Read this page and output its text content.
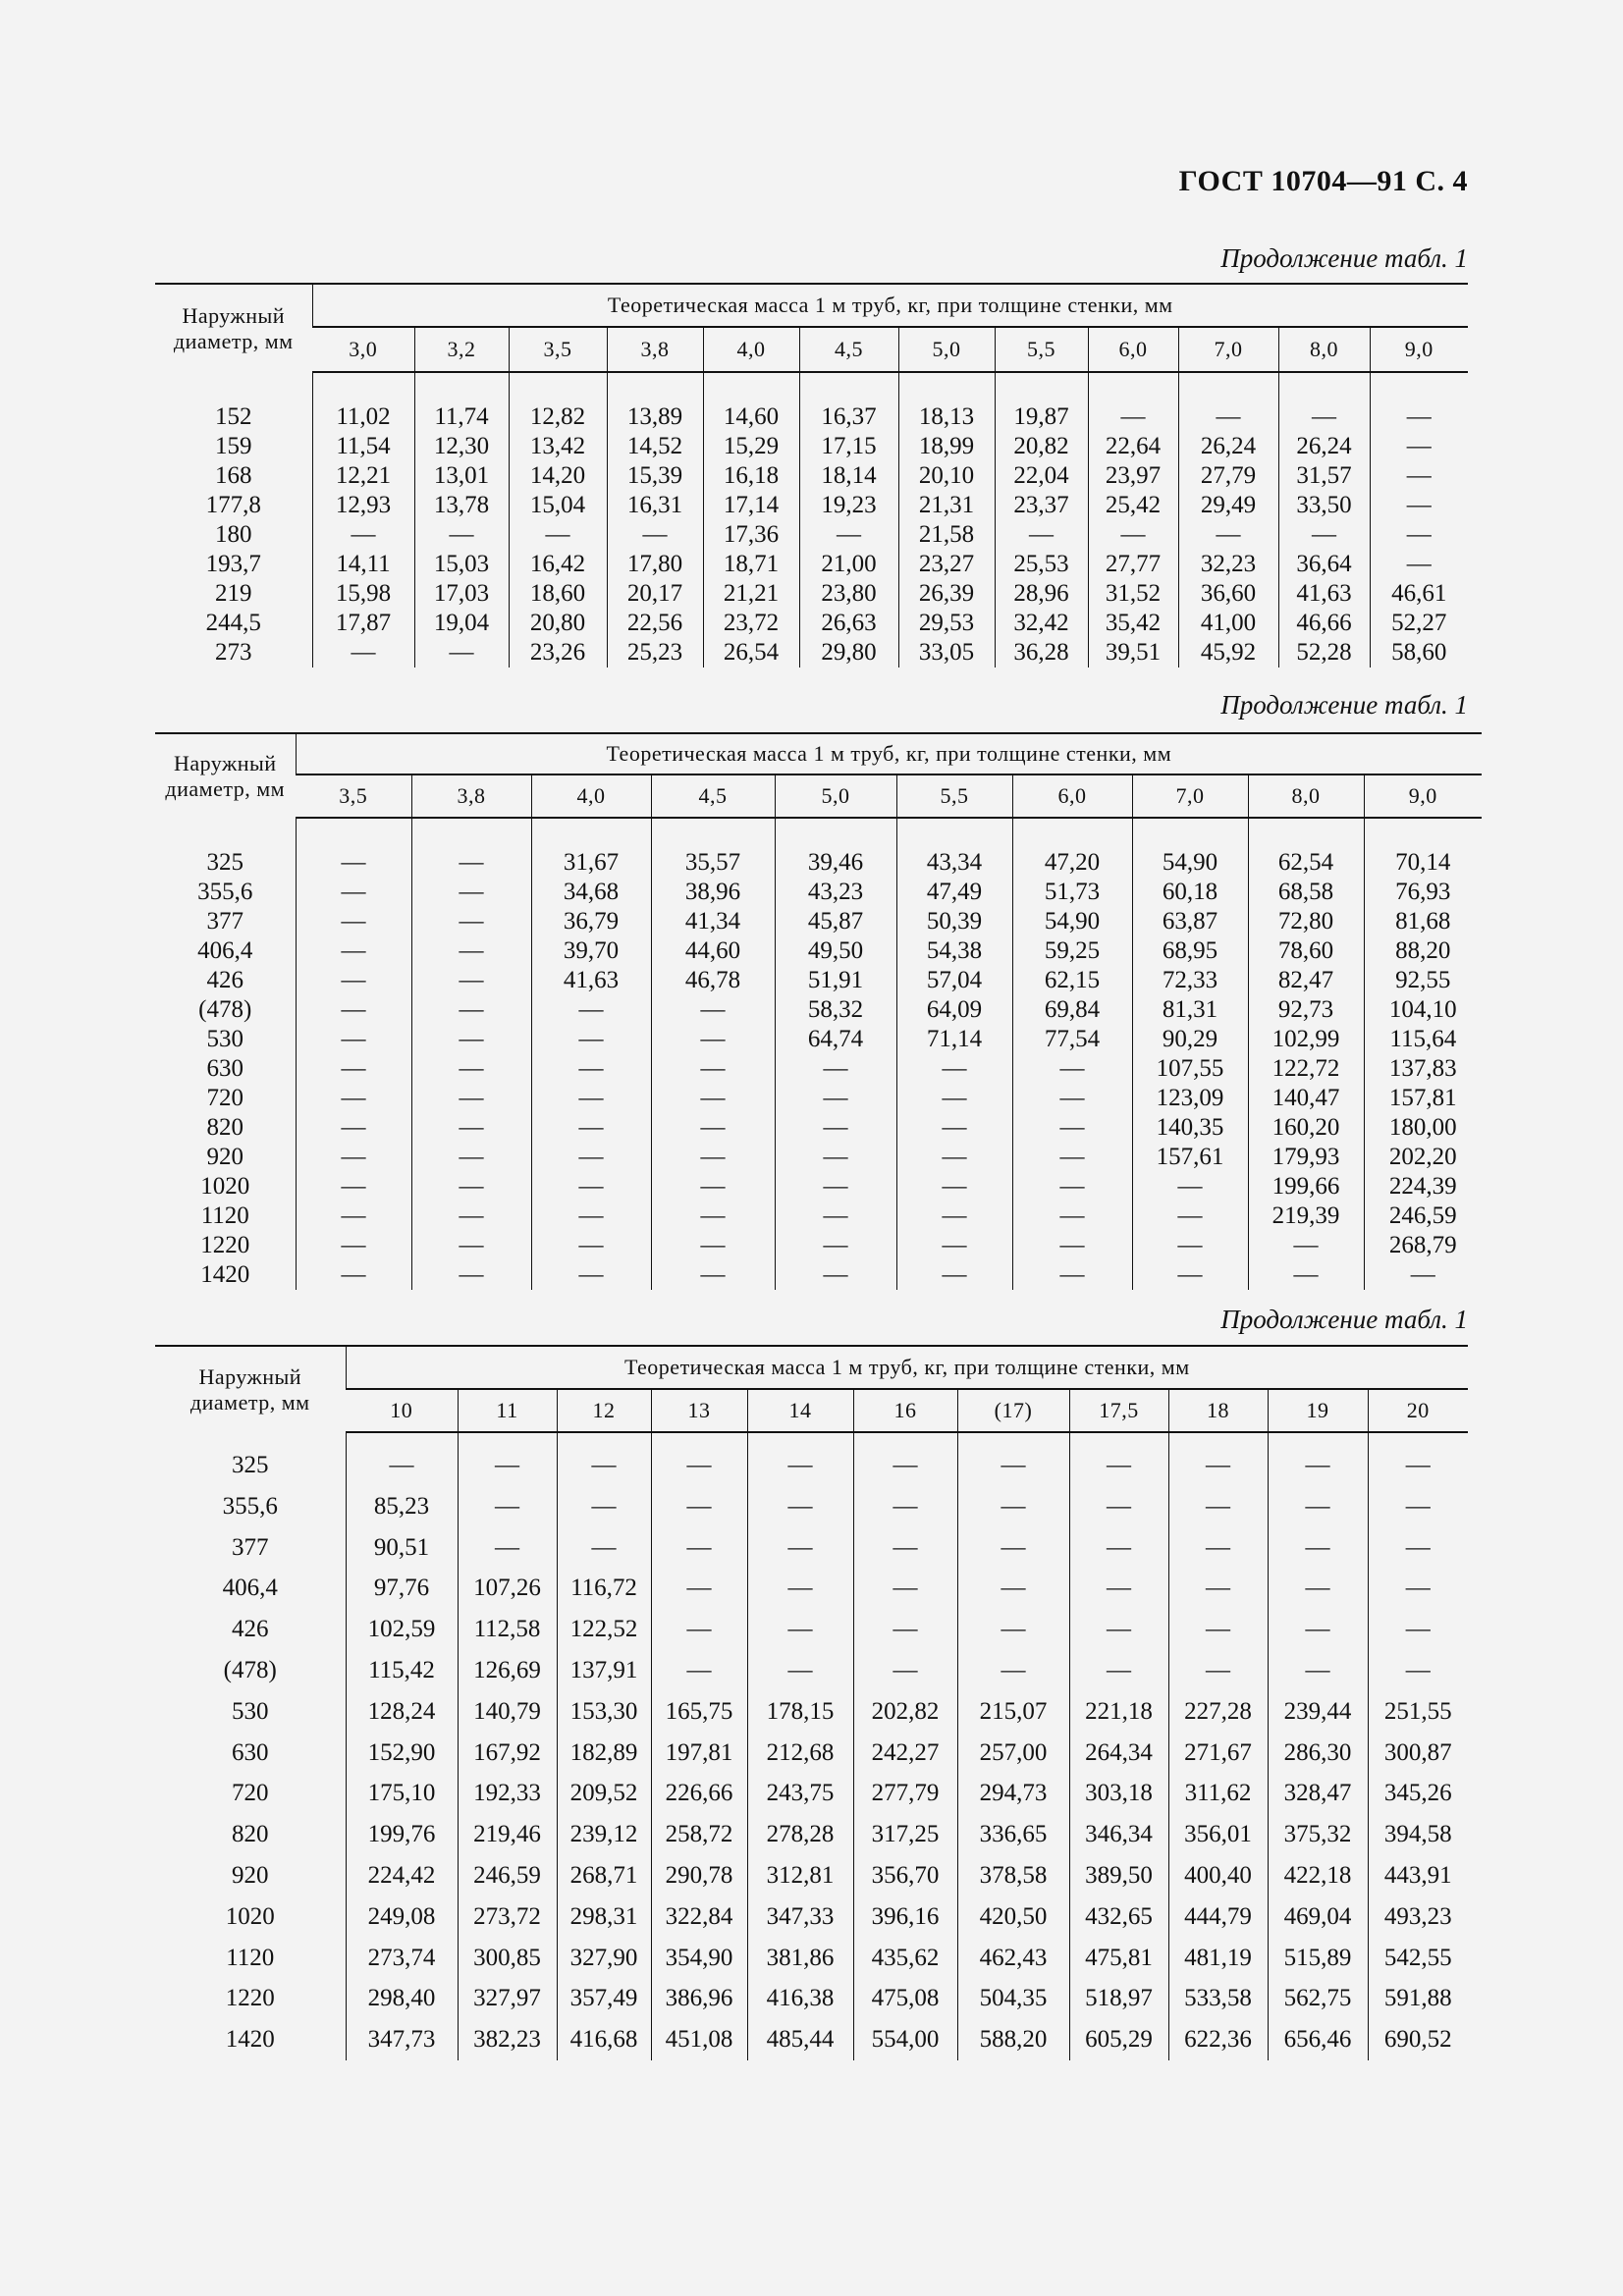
ГОСТ 10704—91 С. 4
Продолжение табл. 1
Наружный диаметр, мм	Теоретическая масса 1 м труб, кг, при толщине стенки, мм											
	3,0	3,2	3,5	3,8	4,0	4,5	5,0	5,5	6,0	7,0	8,0	9,0

152	11,02	11,74	12,82	13,89	14,60	16,37	18,13	19,87	—	—	—	—
159	11,54	12,30	13,42	14,52	15,29	17,15	18,99	20,82	22,64	26,24	26,24	—
168	12,21	13,01	14,20	15,39	16,18	18,14	20,10	22,04	23,97	27,79	31,57	—
177,8	12,93	13,78	15,04	16,31	17,14	19,23	21,31	23,37	25,42	29,49	33,50	—
180	—	—	—	—	17,36	—	21,58	—	—	—	—	—
193,7	14,11	15,03	16,42	17,80	18,71	21,00	23,27	25,53	27,77	32,23	36,64	—
219	15,98	17,03	18,60	20,17	21,21	23,80	26,39	28,96	31,52	36,60	41,63	46,61
244,5	17,87	19,04	20,80	22,56	23,72	26,63	29,53	32,42	35,42	41,00	46,66	52,27
273	—	—	23,26	25,23	26,54	29,80	33,05	36,28	39,51	45,92	52,28	58,60
Продолжение табл. 1
Наружный диаметр, мм	Теоретическая масса 1 м труб, кг, при толщине стенки, мм									
	3,5	3,8	4,0	4,5	5,0	5,5	6,0	7,0	8,0	9,0

325	—	—	31,67	35,57	39,46	43,34	47,20	54,90	62,54	70,14
355,6	—	—	34,68	38,96	43,23	47,49	51,73	60,18	68,58	76,93
377	—	—	36,79	41,34	45,87	50,39	54,90	63,87	72,80	81,68
406,4	—	—	39,70	44,60	49,50	54,38	59,25	68,95	78,60	88,20
426	—	—	41,63	46,78	51,91	57,04	62,15	72,33	82,47	92,55
(478)	—	—	—	—	58,32	64,09	69,84	81,31	92,73	104,10
530	—	—	—	—	64,74	71,14	77,54	90,29	102,99	115,64
630	—	—	—	—	—	—	—	107,55	122,72	137,83
720	—	—	—	—	—	—	—	123,09	140,47	157,81
820	—	—	—	—	—	—	—	140,35	160,20	180,00
920	—	—	—	—	—	—	—	157,61	179,93	202,20
1020	—	—	—	—	—	—	—	—	199,66	224,39
1120	—	—	—	—	—	—	—	—	219,39	246,59
1220	—	—	—	—	—	—	—	—	—	268,79
1420	—	—	—	—	—	—	—	—	—	—
Продолжение табл. 1
Наружный диаметр, мм	Теоретическая масса 1 м труб, кг, при толщине стенки, мм										
	10	11	12	13	14	16	(17)	17,5	18	19	20

325	—	—	—	—	—	—	—	—	—	—	—
355,6	85,23	—	—	—	—	—	—	—	—	—	—
377	90,51	—	—	—	—	—	—	—	—	—	—
406,4	97,76	107,26	116,72	—	—	—	—	—	—	—	—
426	102,59	112,58	122,52	—	—	—	—	—	—	—	—
(478)	115,42	126,69	137,91	—	—	—	—	—	—	—	—
530	128,24	140,79	153,30	165,75	178,15	202,82	215,07	221,18	227,28	239,44	251,55
630	152,90	167,92	182,89	197,81	212,68	242,27	257,00	264,34	271,67	286,30	300,87
720	175,10	192,33	209,52	226,66	243,75	277,79	294,73	303,18	311,62	328,47	345,26
820	199,76	219,46	239,12	258,72	278,28	317,25	336,65	346,34	356,01	375,32	394,58
920	224,42	246,59	268,71	290,78	312,81	356,70	378,58	389,50	400,40	422,18	443,91
1020	249,08	273,72	298,31	322,84	347,33	396,16	420,50	432,65	444,79	469,04	493,23
1120	273,74	300,85	327,90	354,90	381,86	435,62	462,43	475,81	481,19	515,89	542,55
1220	298,40	327,97	357,49	386,96	416,38	475,08	504,35	518,97	533,58	562,75	591,88
1420	347,73	382,23	416,68	451,08	485,44	554,00	588,20	605,29	622,36	656,46	690,52
